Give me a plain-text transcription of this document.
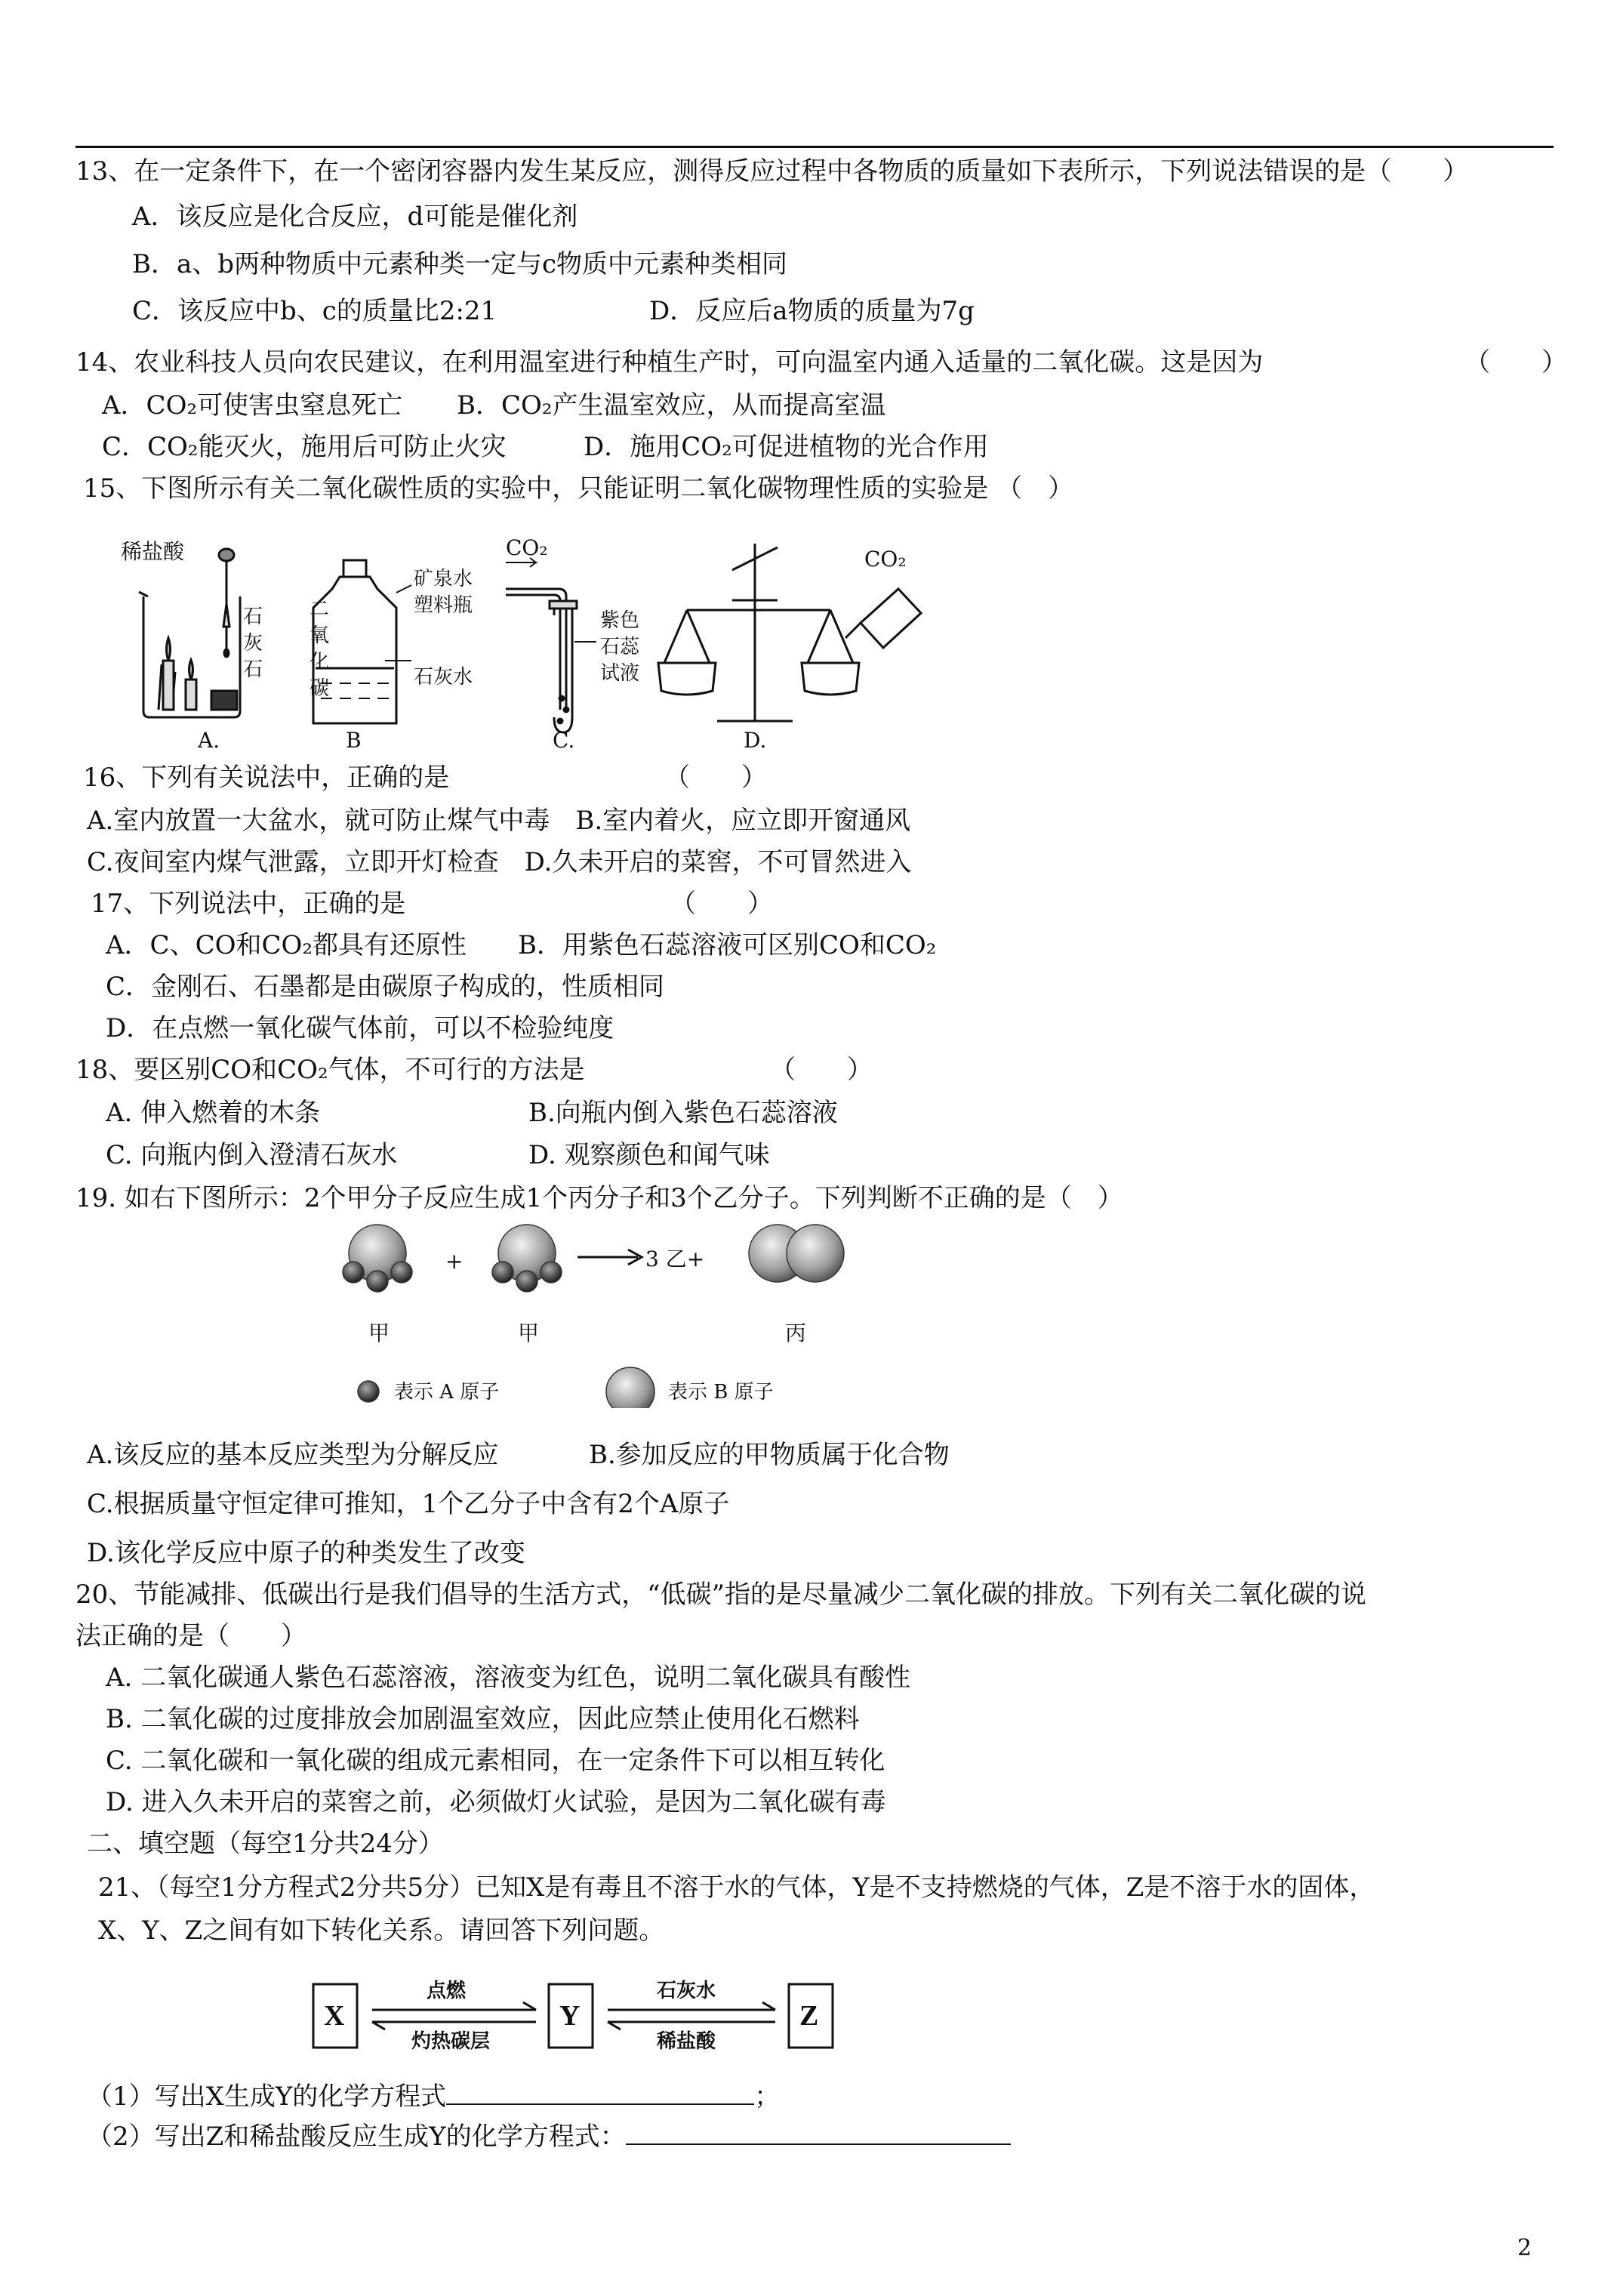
13、在一定条件下，在一个密闭容器内发生某反应，测得反应过程中各物质的质量如下表所示，下列说法错误的是（　　）
A．该反应是化合反应，d可能是催化剂
B．a、b两种物质中元素种类一定与c物质中元素种类相同
C．该反应中b、c的质量比2:21	D．反应后a物质的质量为7g
14、农业科技人员向农民建议，在利用温室进行种植生产时，可向温室内通入适量的二氧化碳。这是因为	（　　）
A．CO₂可使害虫窒息死亡 B．CO₂产生温室效应，从而提高室温
C．CO₂能灭火，施用后可防止火灾	D．施用CO₂可促进植物的光合作用
15、下图所示有关二氧化碳性质的实验中，只能证明二氧化碳物理性质的实验是 （　）
稀盐酸
石
灰
石
A.
二
氧
化
碳
矿泉水
塑料瓶
石灰水
B
CO₂
紫色
石蕊
试液
C.
CO₂
D.
16、下列有关说法中，正确的是	（　　）
A.室内放置一大盆水，就可防止煤气中毒　B.室内着火，应立即开窗通风
C.夜间室内煤气泄露，立即开灯检查　D.久未开启的菜窖，不可冒然进入
17、下列说法中，正确的是	（　　）
A．C、CO和CO₂都具有还原性　　B．用紫色石蕊溶液可区别CO和CO₂
C．金刚石、石墨都是由碳原子构成的，性质相同
D．在点燃一氧化碳气体前，可以不检验纯度
18、要区别CO和CO₂气体，不可行的方法是	（　　）
A. 伸入燃着的木条	B.向瓶内倒入紫色石蕊溶液
C. 向瓶内倒入澄清石灰水	D. 观察颜色和闻气味
19. 如右下图所示：2个甲分子反应生成1个丙分子和3个乙分子。下列判断不正确的是（　）
+	3 乙+
甲	甲	丙
表示 A 原子	表示 B 原子
A.该反应的基本反应类型为分解反应	B.参加反应的甲物质属于化合物
C.根据质量守恒定律可推知，1个乙分子中含有2个A原子
D.该化学反应中原子的种类发生了改变
20、节能减排、低碳出行是我们倡导的生活方式，“低碳”指的是尽量减少二氧化碳的排放。下列有关二氧化碳的说
法正确的是（　　）
A. 二氧化碳通人紫色石蕊溶液，溶液变为红色，说明二氧化碳具有酸性
B. 二氧化碳的过度排放会加剧温室效应，因此应禁止使用化石燃料
C. 二氧化碳和一氧化碳的组成元素相同，在一定条件下可以相互转化
D. 进入久未开启的菜窖之前，必须做灯火试验，是因为二氧化碳有毒
二、填空题（每空1分共24分）
21、（每空1分方程式2分共5分）已知X是有毒且不溶于水的气体，Y是不支持燃烧的气体，Z是不溶于水的固体，
X、Y、Z之间有如下转化关系。请回答下列问题。
X	Y	Z
点燃
灼热碳层
石灰水
稀盐酸
（1）写出X生成Y的化学方程式	；
（2）写出Z和稀盐酸反应生成Y的化学方程式：
2
